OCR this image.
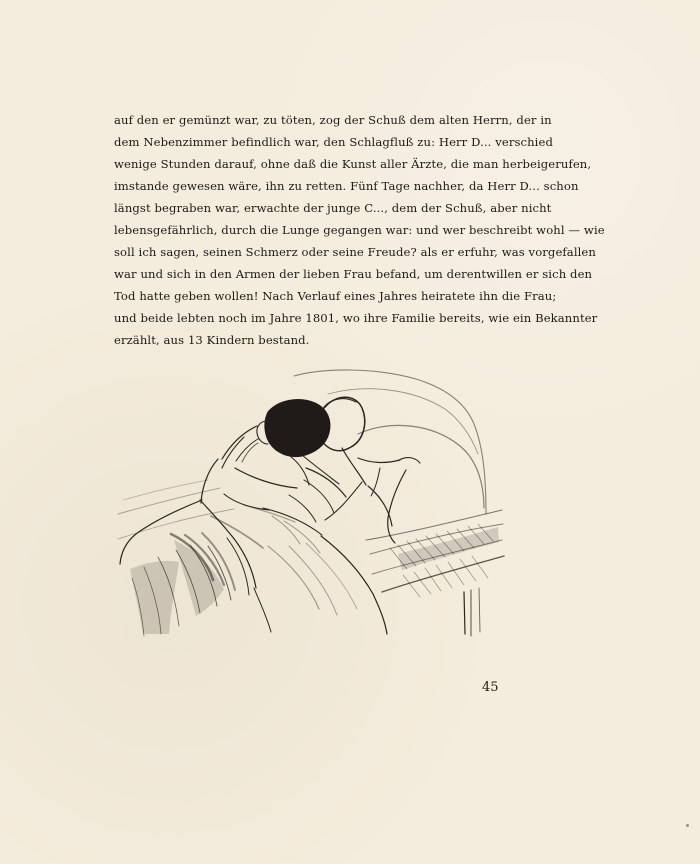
auf den er gemünzt war, zu töten, zog der Schuß dem alten Herrn, der in
dem Nebenzimmer befindlich war, den Schlagfluß zu: Herr D... verschied
wenige Stunden darauf, ohne daß die Kunst aller Ärzte, die man herbeigerufen,
imstande gewesen wäre, ihn zu retten. Fünf Tage nachher, da Herr D... schon
längst begraben war, erwachte der junge C..., dem der Schuß, aber nicht
lebensgefährlich, durch die Lunge gegangen war: und wer beschreibt wohl — wie
soll ich sagen, seinen Schmerz oder seine Freude? als er erfuhr, was vorgefallen
war und sich in den Armen der lieben Frau befand, um derentwillen er sich den
Tod hatte geben wollen! Nach Verlauf eines Jahres heiratete ihn die Frau;
und beide lebten noch im Jahre 1801, wo ihre Familie bereits, wie ein Bekannter
erzählt, aus 13 Kindern bestand.
45
